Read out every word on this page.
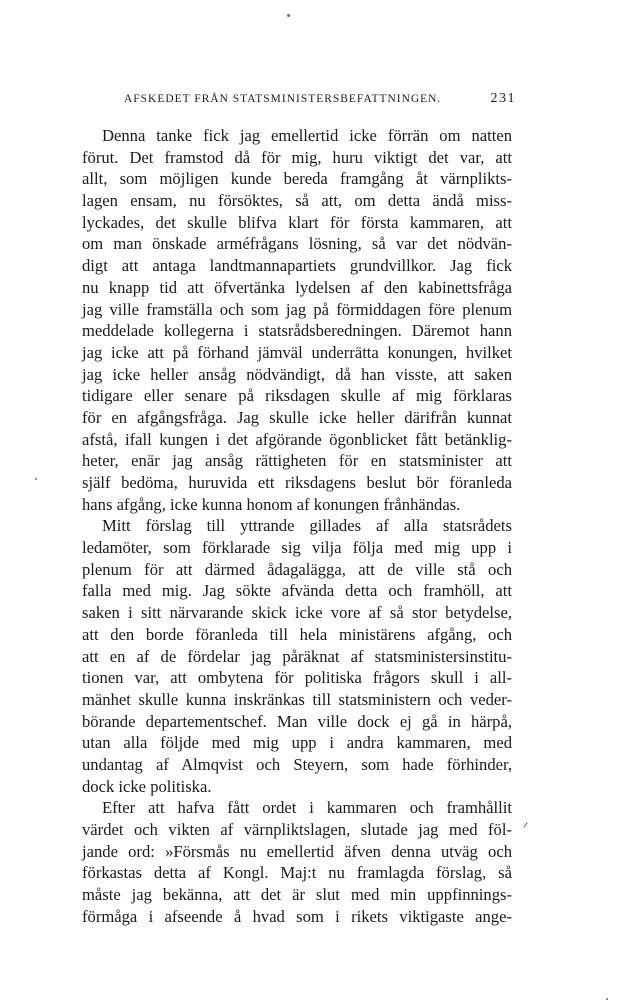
AFSKEDET FRÅN STATSMINISTERSBEFATTNINGEN.	231
Denna tanke fick jag emellertid icke förrän om natten
förut. Det framstod då för mig, huru viktigt det var, att
allt, som möjligen kunde bereda framgång åt värnplikts-
lagen ensam, nu försöktes, så att, om detta ändå miss-
lyckades, det skulle blifva klart för första kammaren, att
om man önskade arméfrågans lösning, så var det nödvän-
digt att antaga landtmannapartiets grundvillkor. Jag fick
nu knapp tid att öfvertänka lydelsen af den kabinettsfråga
jag ville framställa och som jag på förmiddagen före plenum
meddelade kollegerna i statsrådsberedningen. Däremot hann
jag icke att på förhand jämväl underrätta konungen, hvilket
jag icke heller ansåg nödvändigt, då han visste, att saken
tidigare eller senare på riksdagen skulle af mig förklaras
för en afgångsfråga. Jag skulle icke heller därifrån kunnat
afstå, ifall kungen i det afgörande ögonblicket fått betänklig-
heter, enär jag ansåg rättigheten för en statsminister att
själf bedöma, huruvida ett riksdagens beslut bör föranleda
hans afgång, icke kunna honom af konungen frånhändas.
Mitt förslag till yttrande gillades af alla statsrådets
ledamöter, som förklarade sig vilja följa med mig upp i
plenum för att därmed ådagalägga, att de ville stå och
falla med mig. Jag sökte afvända detta och framhöll, att
saken i sitt närvarande skick icke vore af så stor betydelse,
att den borde föranleda till hela ministärens afgång, och
att en af de fördelar jag påräknat af statsministersinstitu-
tionen var, att ombytena för politiska frågors skull i all-
mänhet skulle kunna inskränkas till statsministern och veder-
börande departementschef. Man ville dock ej gå in härpå,
utan alla följde med mig upp i andra kammaren, med
undantag af Almqvist och Steyern, som hade förhinder,
dock icke politiska.
Efter att hafva fått ordet i kammaren och framhållit
värdet och vikten af värnpliktslagen, slutade jag med föl-
jande ord: »Försmås nu emellertid äfven denna utväg och
förkastas detta af Kongl. Maj:t nu framlagda förslag, så
måste jag bekänna, att det är slut med min uppfinnings-
förmåga i afseende å hvad som i rikets viktigaste ange-
